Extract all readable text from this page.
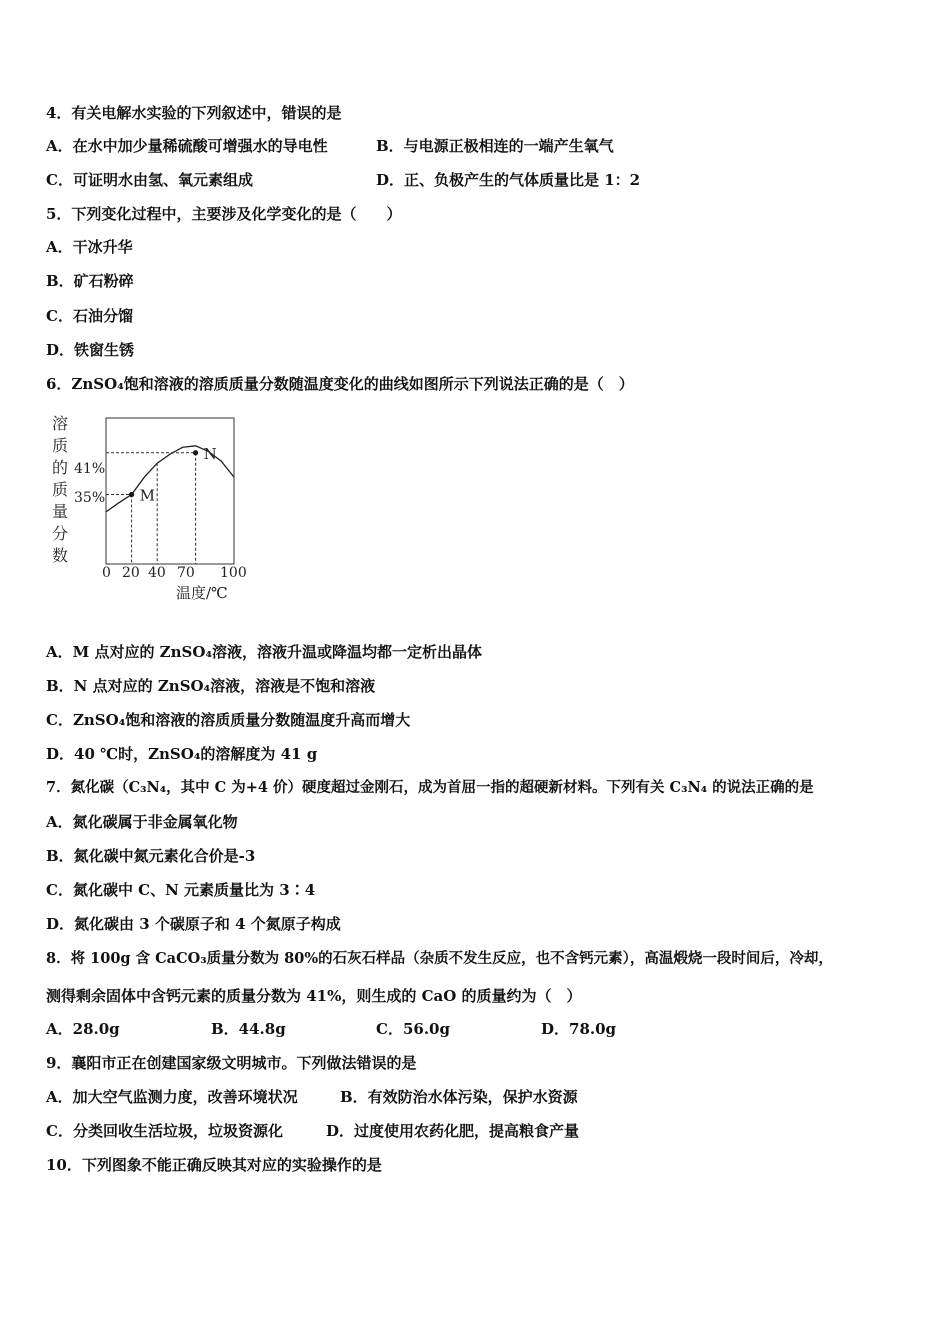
4．有关电解水实验的下列叙述中，错误的是
A．在水中加少量稀硫酸可增强水的导电性	B．与电源正极相连的一端产生氧气
C．可证明水由氢、氧元素组成	D．正、负极产生的气体质量比是 1：2
5．下列变化过程中，主要涉及化学变化的是（　　）
A．干冰升华
B．矿石粉碎
C．石油分馏
D．铁窗生锈
6．ZnSO₄饱和溶液的溶质质量分数随温度变化的曲线如图所示下列说法正确的是（　）
溶
质
的
质
量
分
数
M
N
41%
35%
0 20 40 70 100
温度/℃
A．M 点对应的 ZnSO₄溶液，溶液升温或降温均都一定析出晶体
B．N 点对应的 ZnSO₄溶液，溶液是不饱和溶液
C．ZnSO₄饱和溶液的溶质质量分数随温度升高而增大
D．40 ℃时，ZnSO₄的溶解度为 41 g
7．氮化碳（C₃N₄，其中 C 为+4 价）硬度超过金刚石，成为首屈一指的超硬新材料。下列有关 C₃N₄ 的说法正确的是
A．氮化碳属于非金属氧化物
B．氮化碳中氮元素化合价是-3
C．氮化碳中 C、N 元素质量比为 3∶4
D．氮化碳由 3 个碳原子和 4 个氮原子构成
8．将 100g 含 CaCO₃质量分数为 80%的石灰石样品（杂质不发生反应，也不含钙元素），高温煅烧一段时间后，冷却，
测得剩余固体中含钙元素的质量分数为 41%，则生成的 CaO 的质量约为（　）
A．28.0g	B．44.8g	C．56.0g	D．78.0g
9．襄阳市正在创建国家级文明城市。下列做法错误的是
A．加大空气监测力度，改善环境状况	B．有效防治水体污染，保护水资源
C．分类回收生活垃圾，垃圾资源化	D．过度使用农药化肥，提高粮食产量
10．下列图象不能正确反映其对应的实验操作的是
